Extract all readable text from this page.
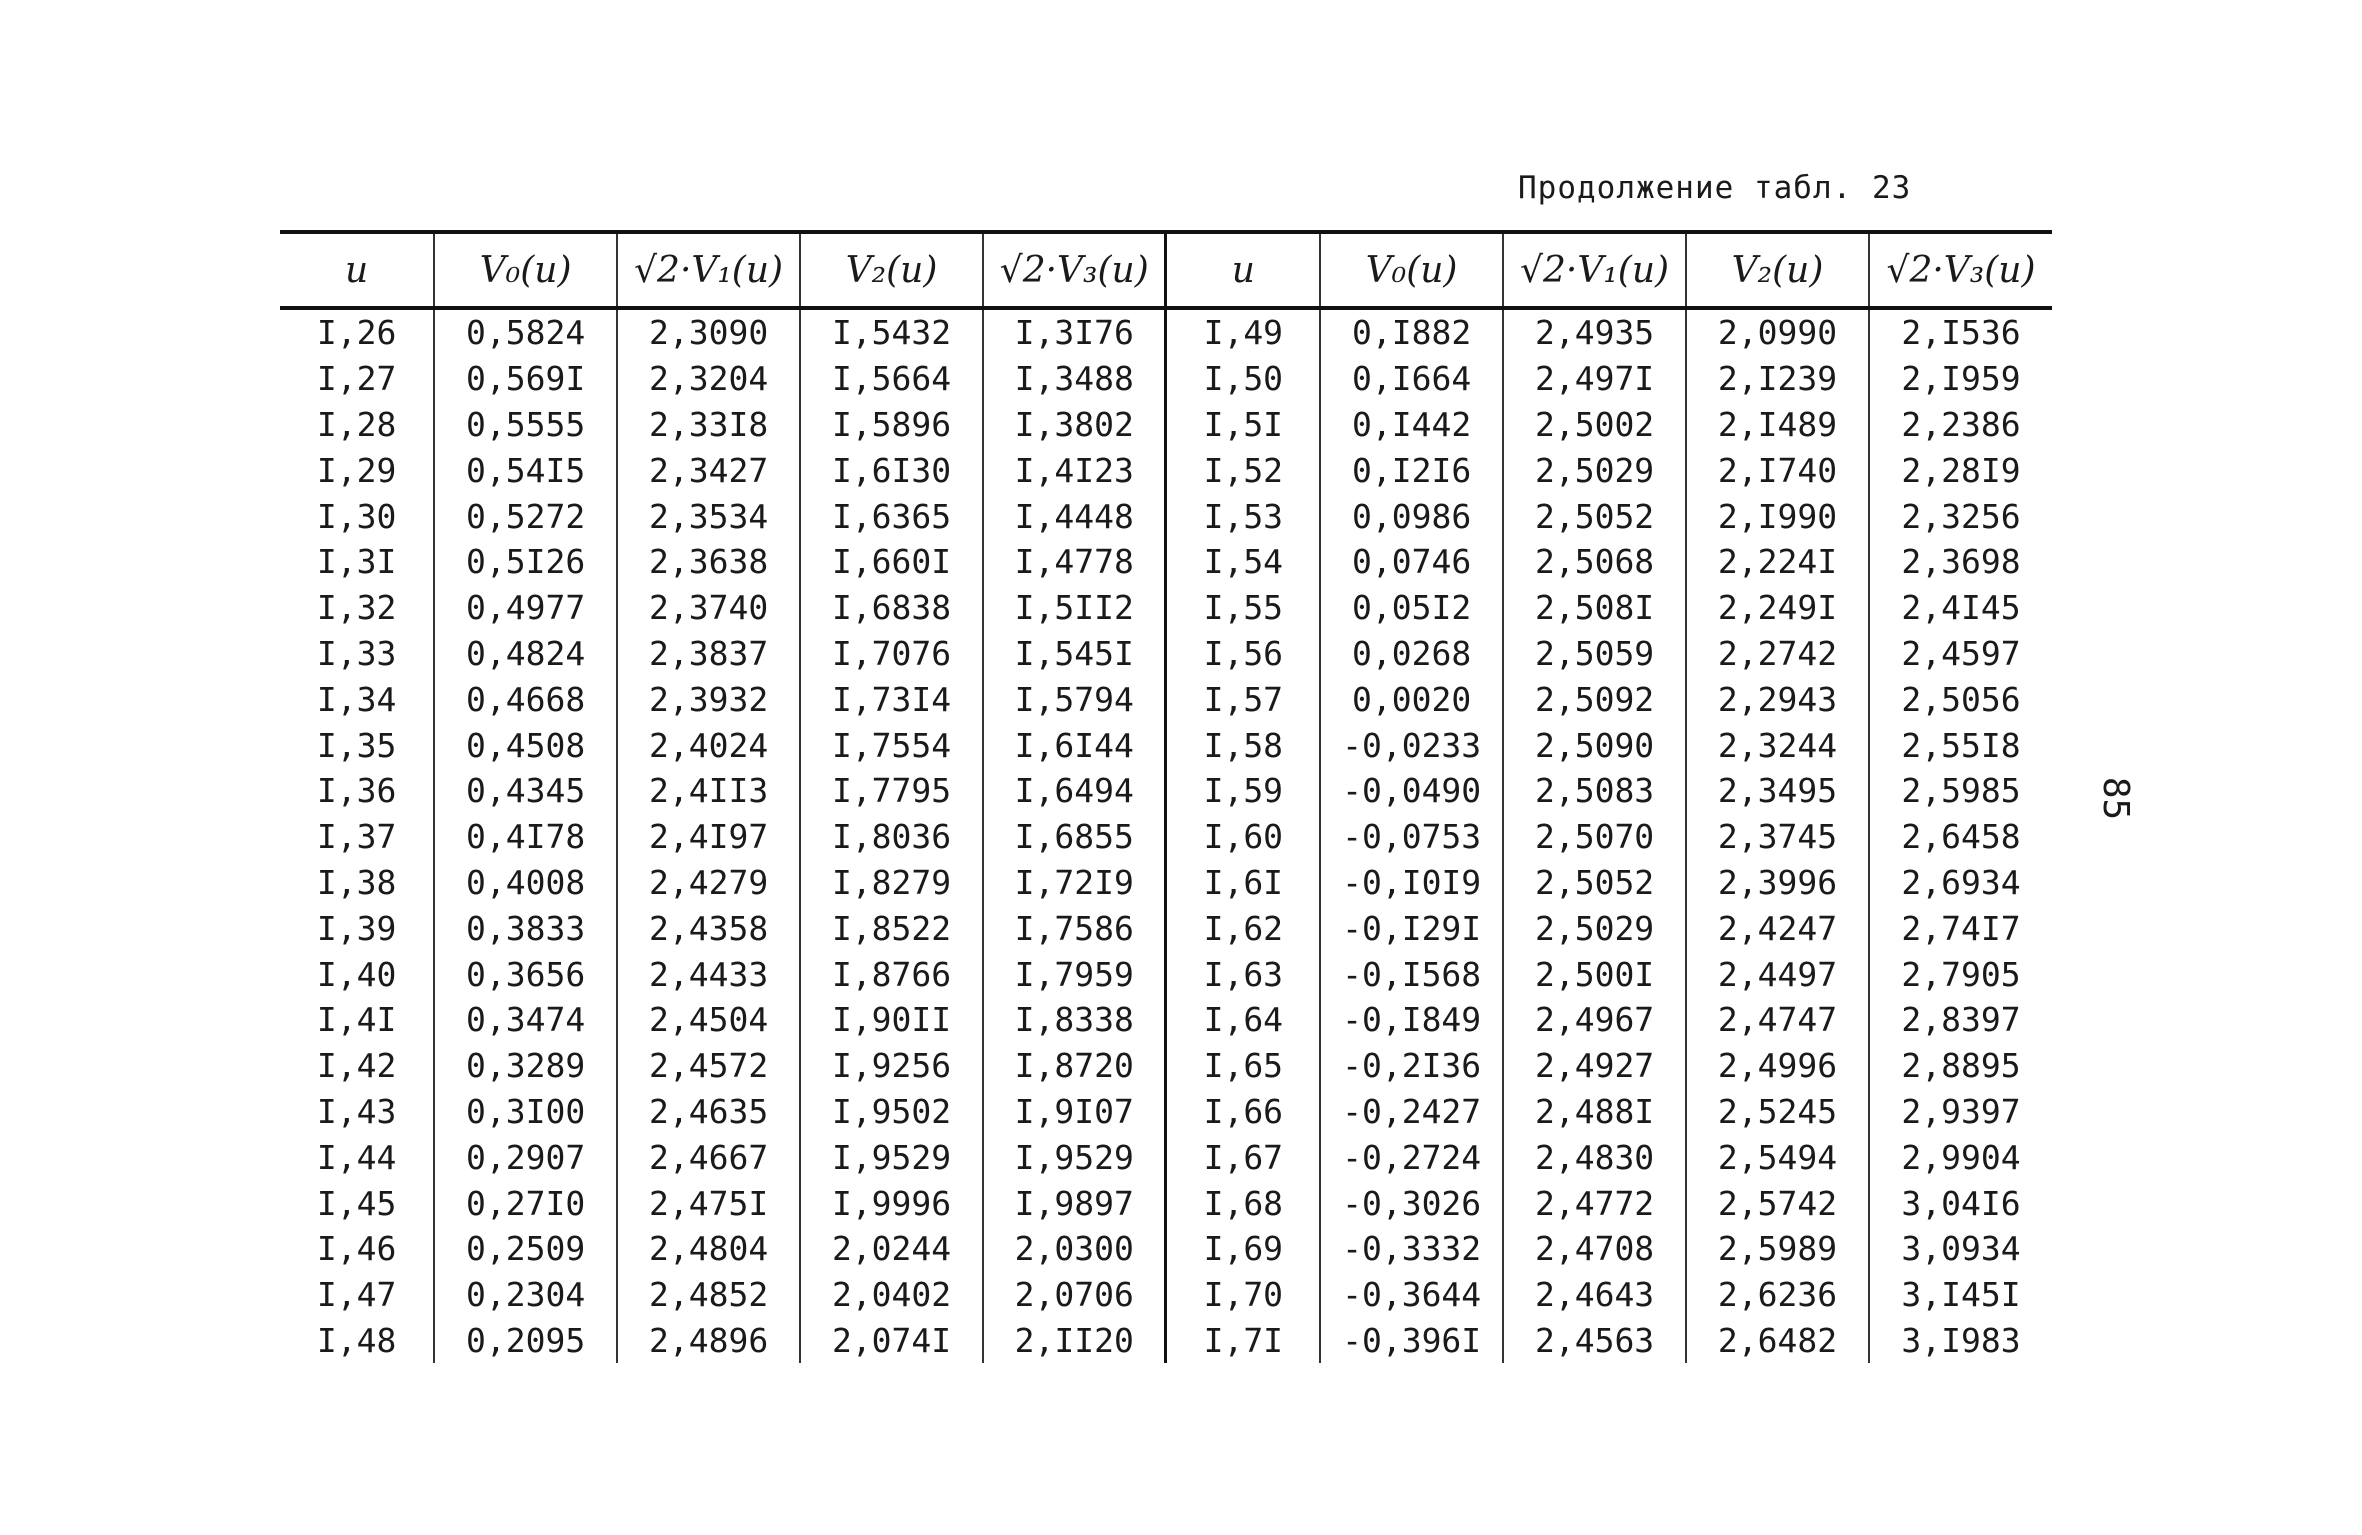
Продолжение табл. 23
85
u	V₀(u)	√2·V₁(u)	V₂(u)	√2·V₃(u)	u	V₀(u)	√2·V₁(u)	V₂(u)	√2·V₃(u)
I,26	0,5824	2,3090	I,5432	I,3I76	I,49	0,I882	2,4935	2,0990	2,I536
I,27	0,569I	2,3204	I,5664	I,3488	I,50	0,I664	2,497I	2,I239	2,I959
I,28	0,5555	2,33I8	I,5896	I,3802	I,5I	0,I442	2,5002	2,I489	2,2386
I,29	0,54I5	2,3427	I,6I30	I,4I23	I,52	0,I2I6	2,5029	2,I740	2,28I9
I,30	0,5272	2,3534	I,6365	I,4448	I,53	0,0986	2,5052	2,I990	2,3256
I,3I	0,5I26	2,3638	I,660I	I,4778	I,54	0,0746	2,5068	2,224I	2,3698
I,32	0,4977	2,3740	I,6838	I,5II2	I,55	0,05I2	2,508I	2,249I	2,4I45
I,33	0,4824	2,3837	I,7076	I,545I	I,56	0,0268	2,5059	2,2742	2,4597
I,34	0,4668	2,3932	I,73I4	I,5794	I,57	0,0020	2,5092	2,2943	2,5056
I,35	0,4508	2,4024	I,7554	I,6I44	I,58	-0,0233	2,5090	2,3244	2,55I8
I,36	0,4345	2,4II3	I,7795	I,6494	I,59	-0,0490	2,5083	2,3495	2,5985
I,37	0,4I78	2,4I97	I,8036	I,6855	I,60	-0,0753	2,5070	2,3745	2,6458
I,38	0,4008	2,4279	I,8279	I,72I9	I,6I	-0,I0I9	2,5052	2,3996	2,6934
I,39	0,3833	2,4358	I,8522	I,7586	I,62	-0,I29I	2,5029	2,4247	2,74I7
I,40	0,3656	2,4433	I,8766	I,7959	I,63	-0,I568	2,500I	2,4497	2,7905
I,4I	0,3474	2,4504	I,90II	I,8338	I,64	-0,I849	2,4967	2,4747	2,8397
I,42	0,3289	2,4572	I,9256	I,8720	I,65	-0,2I36	2,4927	2,4996	2,8895
I,43	0,3I00	2,4635	I,9502	I,9I07	I,66	-0,2427	2,488I	2,5245	2,9397
I,44	0,2907	2,4667	I,9529	I,9529	I,67	-0,2724	2,4830	2,5494	2,9904
I,45	0,27I0	2,475I	I,9996	I,9897	I,68	-0,3026	2,4772	2,5742	3,04I6
I,46	0,2509	2,4804	2,0244	2,0300	I,69	-0,3332	2,4708	2,5989	3,0934
I,47	0,2304	2,4852	2,0402	2,0706	I,70	-0,3644	2,4643	2,6236	3,I45I
I,48	0,2095	2,4896	2,074I	2,II20	I,7I	-0,396I	2,4563	2,6482	3,I983
